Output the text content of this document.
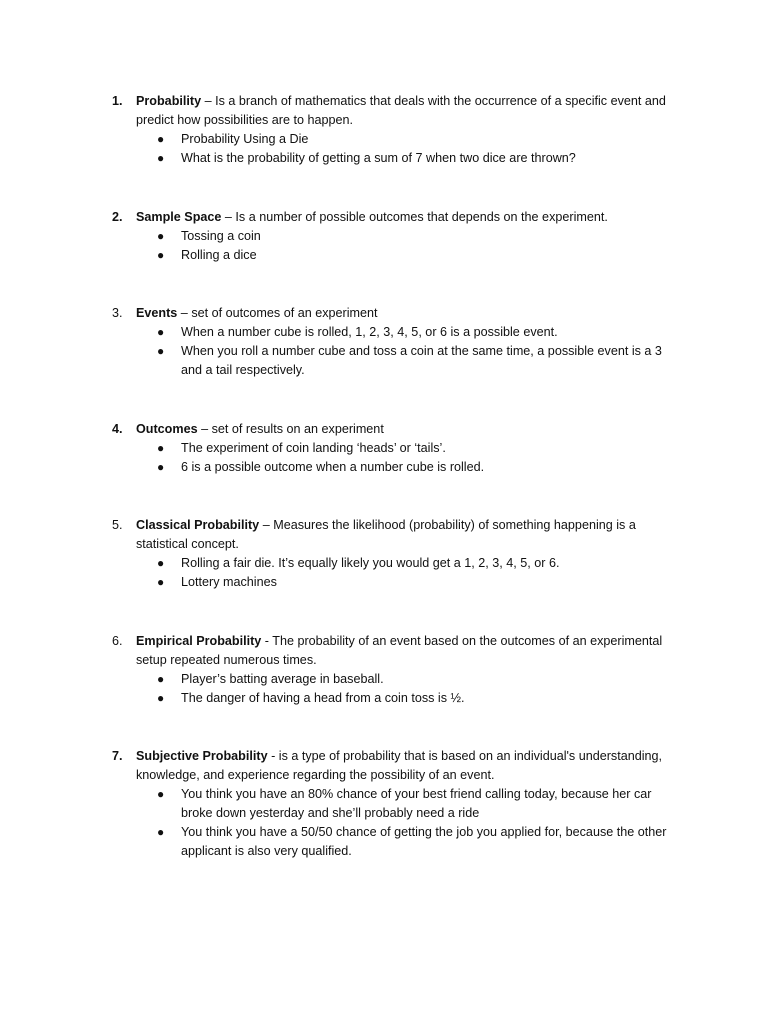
1.	Probability – Is a branch of mathematics that deals with the occurrence of a specific event and predict how possibilities are to happen.
● Probability Using a Die
● What is the probability of getting a sum of 7 when two dice are thrown?
2.	Sample Space – Is a number of possible outcomes that depends on the experiment.
● Tossing a coin
● Rolling a dice
3.	Events – set of outcomes of an experiment
● When a number cube is rolled, 1, 2, 3, 4, 5, or 6 is a possible event.
● When you roll a number cube and toss a coin at the same time, a possible event is a 3 and a tail respectively.
4.	Outcomes – set of results on an experiment
● The experiment of coin landing ‘heads’ or ‘tails’.
● 6 is a possible outcome when a number cube is rolled.
5.	Classical Probability – Measures the likelihood (probability) of something happening is a statistical concept.
● Rolling a fair die. It’s equally likely you would get a 1, 2, 3, 4, 5, or 6.
● Lottery machines
6.	Empirical Probability - The probability of an event based on the outcomes of an experimental setup repeated numerous times.
● Player’s batting average in baseball.
● The danger of having a head from a coin toss is ½.
7.	Subjective Probability - is a type of probability that is based on an individual's understanding, knowledge, and experience regarding the possibility of an event.
● You think you have an 80% chance of your best friend calling today, because her car broke down yesterday and she’ll probably need a ride
● You think you have a 50/50 chance of getting the job you applied for, because the other applicant is also very qualified.
